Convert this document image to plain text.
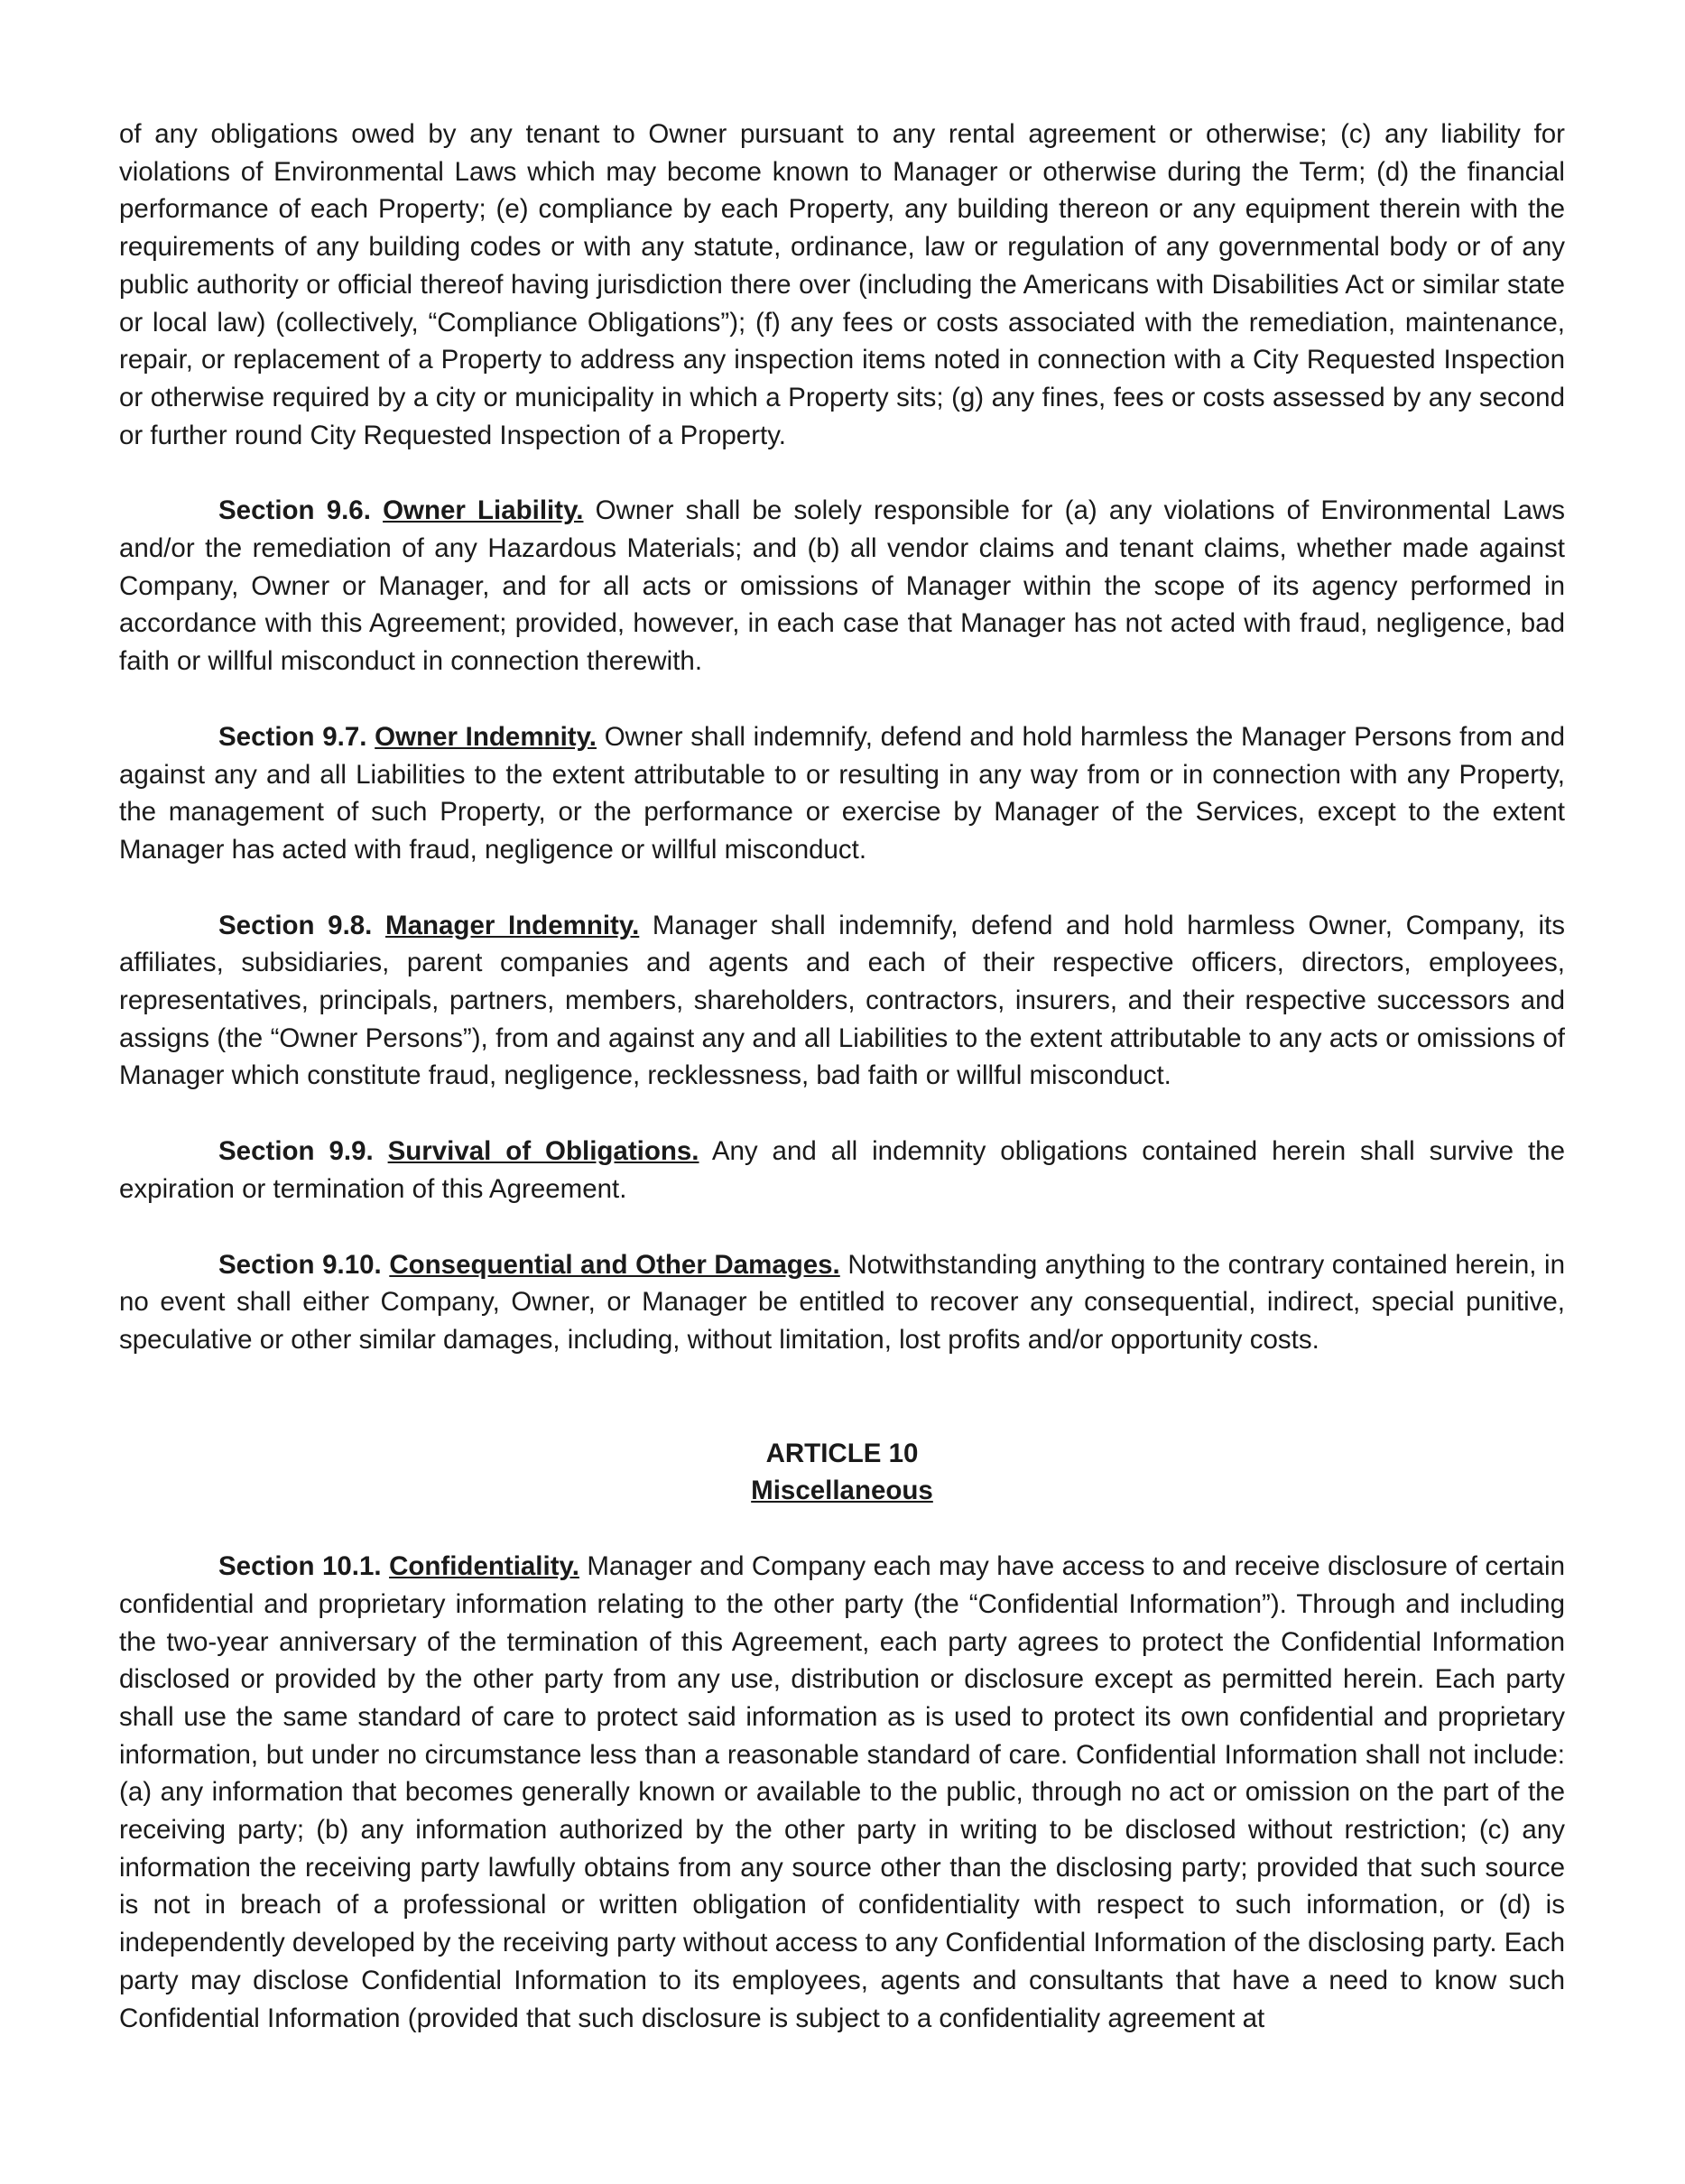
of any obligations owed by any tenant to Owner pursuant to any rental agreement or otherwise; (c) any liability for violations of Environmental Laws which may become known to Manager or otherwise during the Term; (d) the financial performance of each Property; (e) compliance by each Property, any building thereon or any equipment therein with the requirements of any building codes or with any statute, ordinance, law or regulation of any governmental body or of any public authority or official thereof having jurisdiction there over (including the Americans with Disabilities Act or similar state or local law) (collectively, “Compliance Obligations”); (f) any fees or costs associated with the remediation, maintenance, repair, or replacement of a Property to address any inspection items noted in connection with a City Requested Inspection or otherwise required by a city or municipality in which a Property sits; (g) any fines, fees or costs assessed by any second or further round City Requested Inspection of a Property.

Section 9.6. Owner Liability. Owner shall be solely responsible for (a) any violations of Environmental Laws and/or the remediation of any Hazardous Materials; and (b) all vendor claims and tenant claims, whether made against Company, Owner or Manager, and for all acts or omissions of Manager within the scope of its agency performed in accordance with this Agreement; provided, however, in each case that Manager has not acted with fraud, negligence, bad faith or willful misconduct in connection therewith.

Section 9.7. Owner Indemnity. Owner shall indemnify, defend and hold harmless the Manager Persons from and against any and all Liabilities to the extent attributable to or resulting in any way from or in connection with any Property, the management of such Property, or the performance or exercise by Manager of the Services, except to the extent Manager has acted with fraud, negligence or willful misconduct.

Section 9.8. Manager Indemnity. Manager shall indemnify, defend and hold harmless Owner, Company, its affiliates, subsidiaries, parent companies and agents and each of their respective officers, directors, employees, representatives, principals, partners, members, shareholders, contractors, insurers, and their respective successors and assigns (the “Owner Persons”), from and against any and all Liabilities to the extent attributable to any acts or omissions of Manager which constitute fraud, negligence, recklessness, bad faith or willful misconduct.

Section 9.9. Survival of Obligations. Any and all indemnity obligations contained herein shall survive the expiration or termination of this Agreement.

Section 9.10. Consequential and Other Damages. Notwithstanding anything to the contrary contained herein, in no event shall either Company, Owner, or Manager be entitled to recover any consequential, indirect, special punitive, speculative or other similar damages, including, without limitation, lost profits and/or opportunity costs.

ARTICLE 10
Miscellaneous

Section 10.1. Confidentiality. Manager and Company each may have access to and receive disclosure of certain confidential and proprietary information relating to the other party (the “Confidential Information”). Through and including the two-year anniversary of the termination of this Agreement, each party agrees to protect the Confidential Information disclosed or provided by the other party from any use, distribution or disclosure except as permitted herein. Each party shall use the same standard of care to protect said information as is used to protect its own confidential and proprietary information, but under no circumstance less than a reasonable standard of care. Confidential Information shall not include: (a) any information that becomes generally known or available to the public, through no act or omission on the part of the receiving party; (b) any information authorized by the other party in writing to be disclosed without restriction; (c) any information the receiving party lawfully obtains from any source other than the disclosing party; provided that such source is not in breach of a professional or written obligation of confidentiality with respect to such information, or (d) is independently developed by the receiving party without access to any Confidential Information of the disclosing party. Each party may disclose Confidential Information to its employees, agents and consultants that have a need to know such Confidential Information (provided that such disclosure is subject to a confidentiality agreement at
